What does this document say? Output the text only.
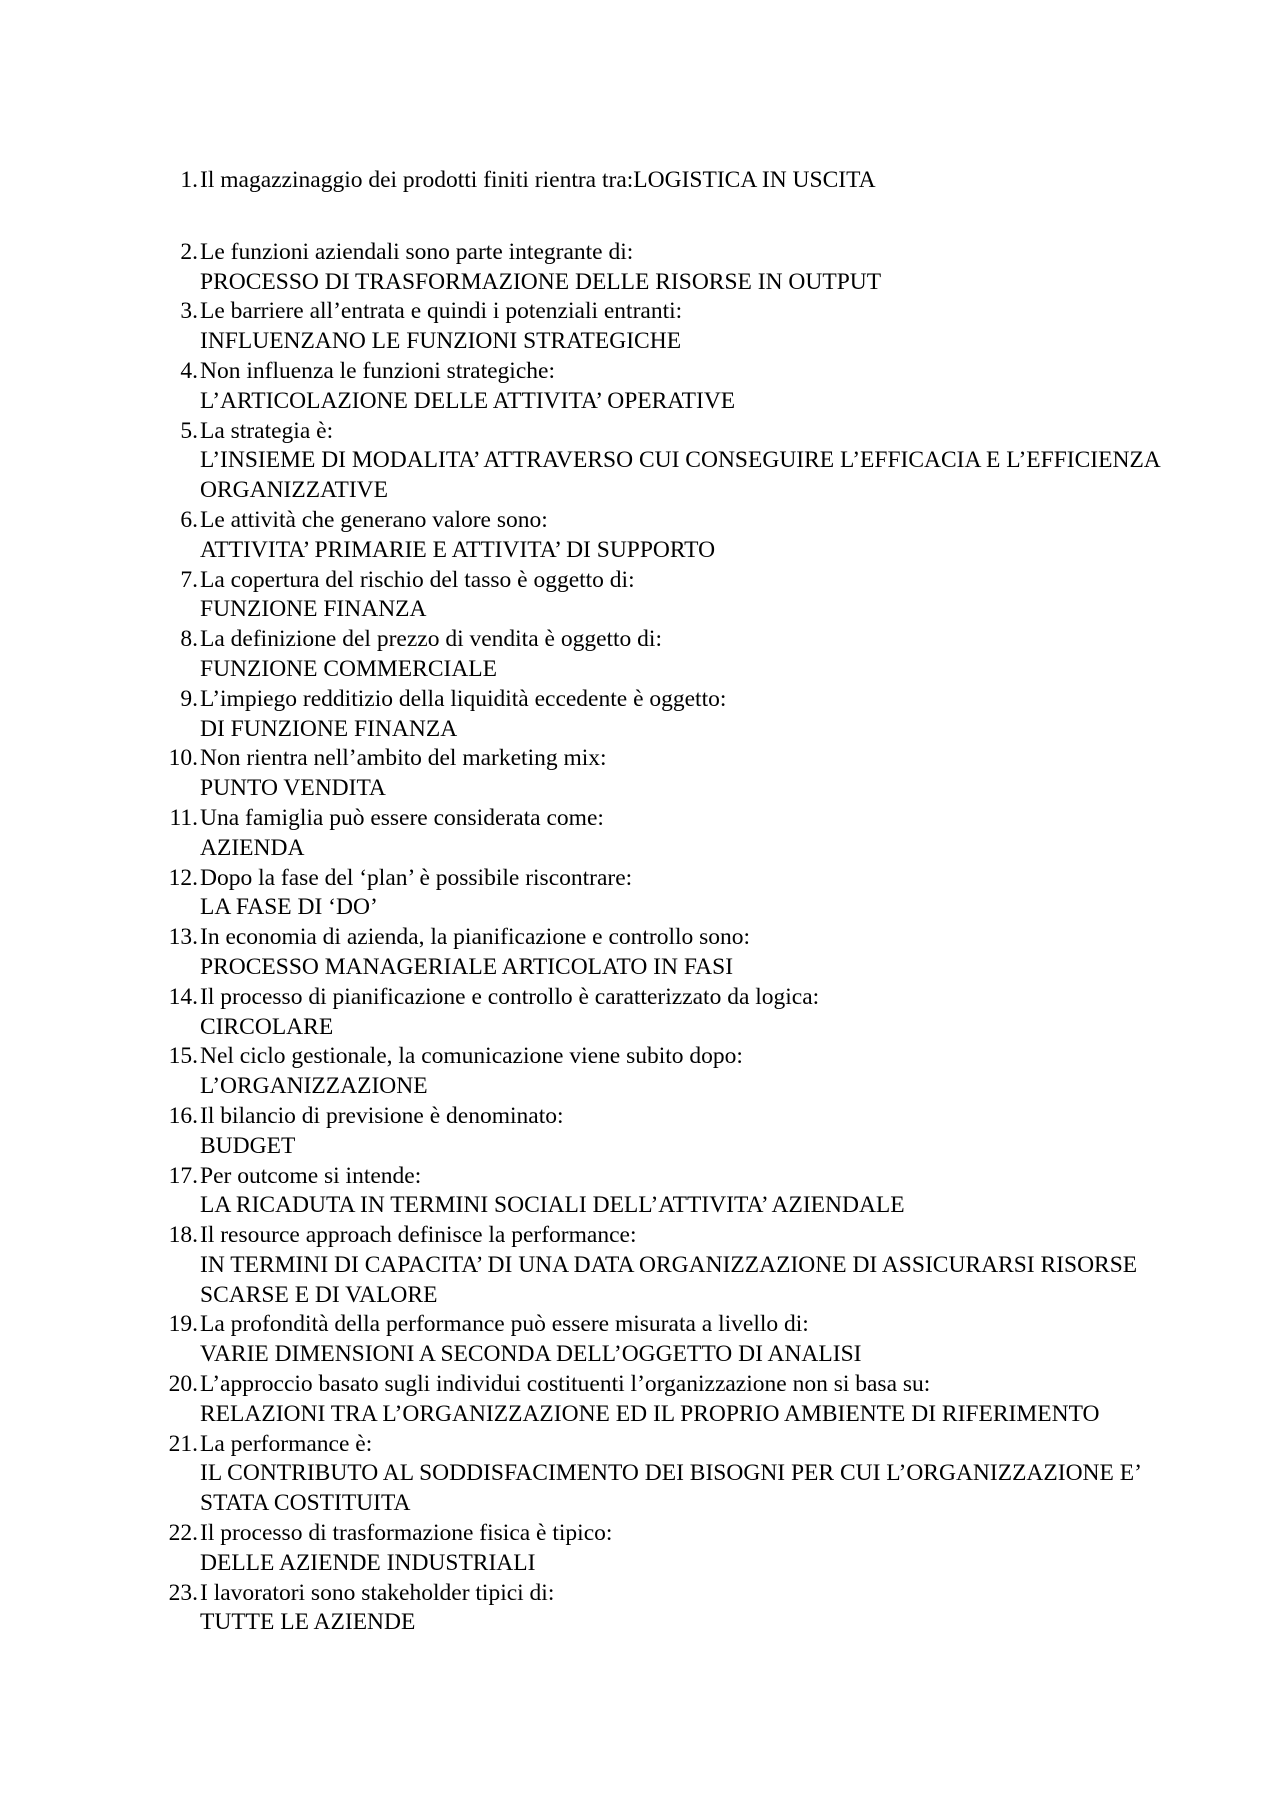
1. Il magazzinaggio dei prodotti finiti rientra tra:LOGISTICA IN USCITA
2. Le funzioni aziendali sono parte integrante di:
PROCESSO DI TRASFORMAZIONE DELLE RISORSE IN OUTPUT
3. Le barriere all’entrata e quindi i potenziali entranti:
INFLUENZANO LE FUNZIONI STRATEGICHE
4. Non influenza le funzioni strategiche:
L’ARTICOLAZIONE DELLE ATTIVITA’ OPERATIVE
5. La strategia è:
L’INSIEME DI MODALITA’ ATTRAVERSO CUI CONSEGUIRE L’EFFICACIA E L’EFFICIENZA ORGANIZZATIVE
6. Le attività che generano valore sono:
ATTIVITA’ PRIMARIE E ATTIVITA’ DI SUPPORTO
7. La copertura del rischio del tasso è oggetto di:
FUNZIONE FINANZA
8. La definizione del prezzo di vendita è oggetto di:
FUNZIONE COMMERCIALE
9. L’impiego redditizio della liquidità eccedente è oggetto:
DI FUNZIONE FINANZA
10. Non rientra nell’ambito del marketing mix:
PUNTO VENDITA
11. Una famiglia può essere considerata come:
AZIENDA
12. Dopo la fase del ‘plan’ è possibile riscontrare:
LA FASE DI ‘DO’
13. In economia di azienda, la pianificazione e controllo sono:
PROCESSO MANAGERIALE ARTICOLATO IN FASI
14. Il processo di pianificazione e controllo è caratterizzato da logica:
CIRCOLARE
15. Nel ciclo gestionale, la comunicazione viene subito dopo:
L’ORGANIZZAZIONE
16. Il bilancio di previsione è denominato:
BUDGET
17. Per outcome si intende:
LA RICADUTA IN TERMINI SOCIALI DELL’ATTIVITA’ AZIENDALE
18. Il resource approach definisce la performance:
IN TERMINI DI CAPACITA’ DI UNA DATA ORGANIZZAZIONE DI ASSICURARSI RISORSE SCARSE E DI VALORE
19. La profondità della performance può essere misurata a livello di:
VARIE DIMENSIONI A SECONDA DELL’OGGETTO DI ANALISI
20. L’approccio basato sugli individui costituenti l’organizzazione non si basa su:
RELAZIONI TRA L’ORGANIZZAZIONE ED IL PROPRIO AMBIENTE DI RIFERIMENTO
21. La performance è:
IL CONTRIBUTO AL SODDISFACIMENTO DEI BISOGNI PER CUI L’ORGANIZZAZIONE E’ STATA COSTITUITA
22. Il processo di trasformazione fisica è tipico:
DELLE AZIENDE INDUSTRIALI
23. I lavoratori sono stakeholder tipici di:
TUTTE LE AZIENDE
